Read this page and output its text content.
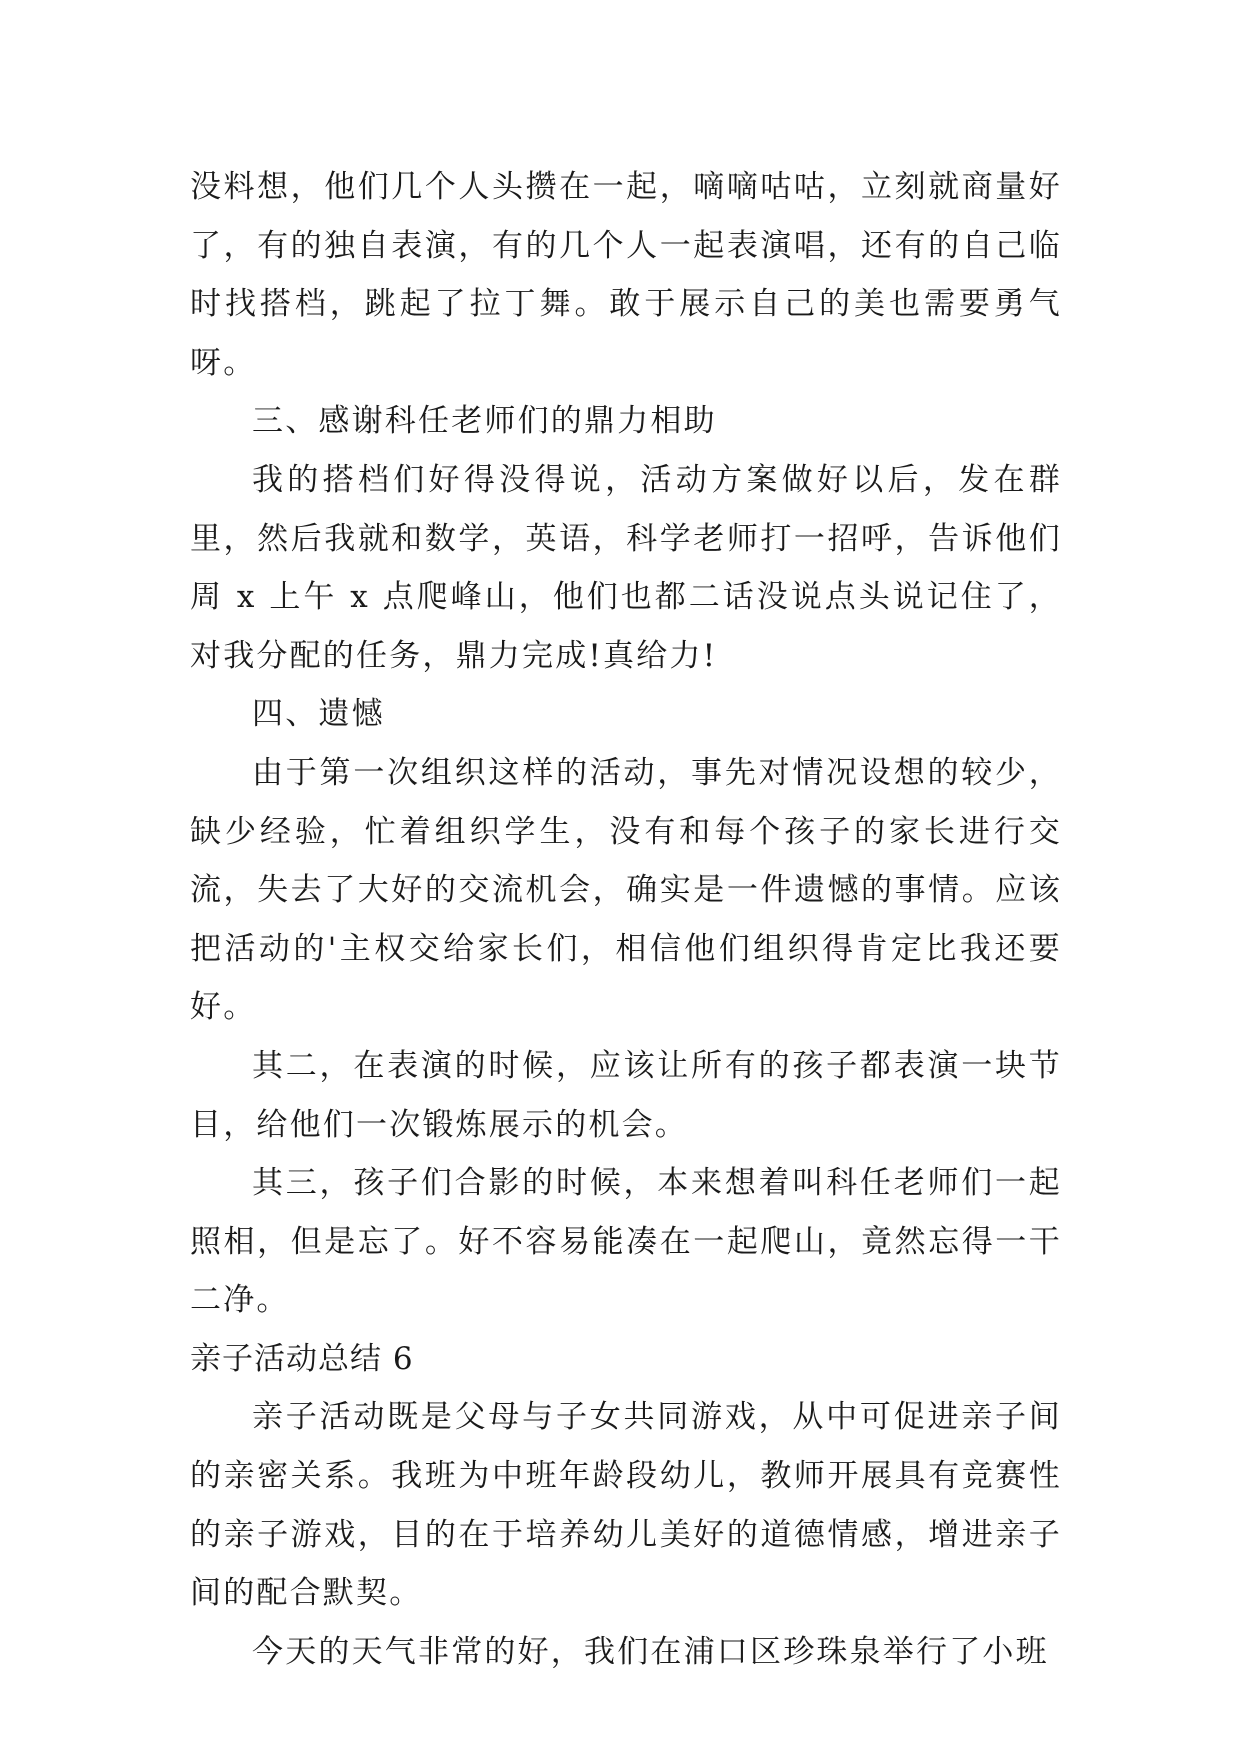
没料想，他们几个人头攒在一起，嘀嘀咕咕，立刻就商量好了，有的独自表演，有的几个人一起表演唱，还有的自己临时找搭档，跳起了拉丁舞。敢于展示自己的美也需要勇气呀。

三、感谢科任老师们的鼎力相助

我的搭档们好得没得说，活动方案做好以后，发在群里，然后我就和数学，英语，科学老师打一招呼，告诉他们周 x 上午 x 点爬峰山，他们也都二话没说点头说记住了，对我分配的任务，鼎力完成!真给力!

四、遗憾

由于第一次组织这样的活动，事先对情况设想的较少，缺少经验，忙着组织学生，没有和每个孩子的家长进行交流，失去了大好的交流机会，确实是一件遗憾的事情。应该把活动的'主权交给家长们，相信他们组织得肯定比我还要好。

其二，在表演的时候，应该让所有的孩子都表演一块节目，给他们一次锻炼展示的机会。

其三，孩子们合影的时候，本来想着叫科任老师们一起照相，但是忘了。好不容易能凑在一起爬山，竟然忘得一干二净。

亲子活动总结 6

亲子活动既是父母与子女共同游戏，从中可促进亲子间的亲密关系。我班为中班年龄段幼儿，教师开展具有竞赛性的亲子游戏，目的在于培养幼儿美好的道德情感，增进亲子间的配合默契。

今天的天气非常的好，我们在浦口区珍珠泉举行了小班
